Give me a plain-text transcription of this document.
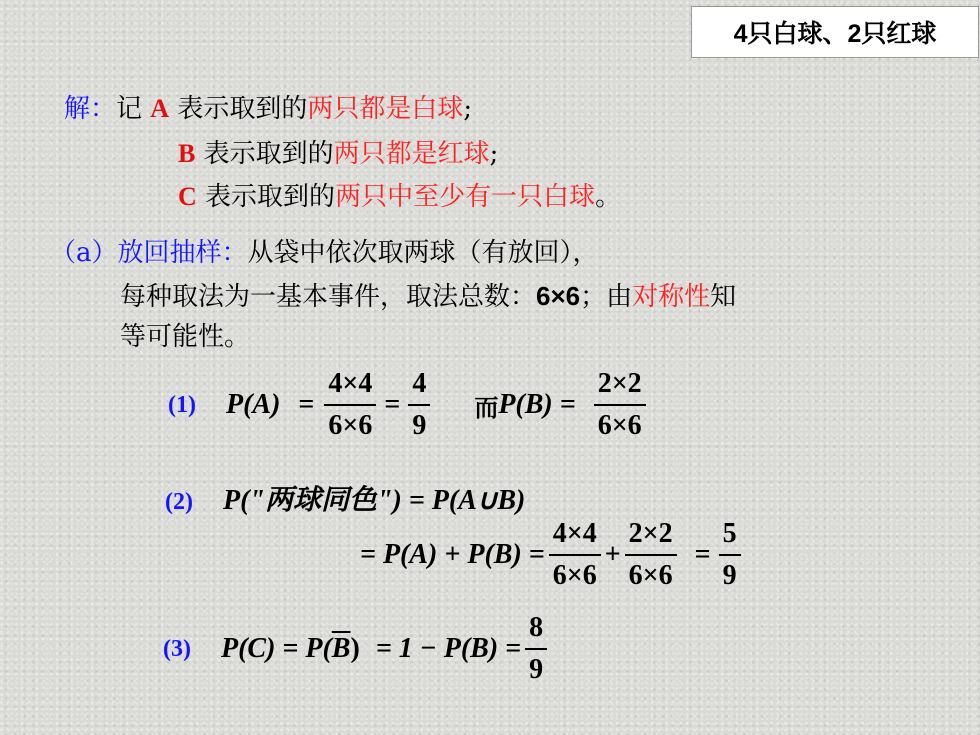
4只白球、2只红球
解：记 A 表示取到的两只都是白球;
B 表示取到的两只都是红球;
C 表示取到的两只中至少有一只白球。
（a）放回抽样：从袋中依次取两球（有放回），
每种取法为一基本事件，取法总数：6×6；由对称性知
等可能性。
(1) $P(A) = \frac{4\times 4}{6\times 6} = \frac{4}{9}$ 而 $P(B) = \frac{2\times 2}{6\times 6}$
(2) P("两球同色") = P(A∪B)
= $P(A) + P(B) = \frac{4\times 4}{6\times 6} + \frac{2\times 2}{6\times 6} = \frac{5}{9}$
(3) P(C) = P( $\overline{B}$ ) = $1 - P(B) = \frac{8}{9}$
